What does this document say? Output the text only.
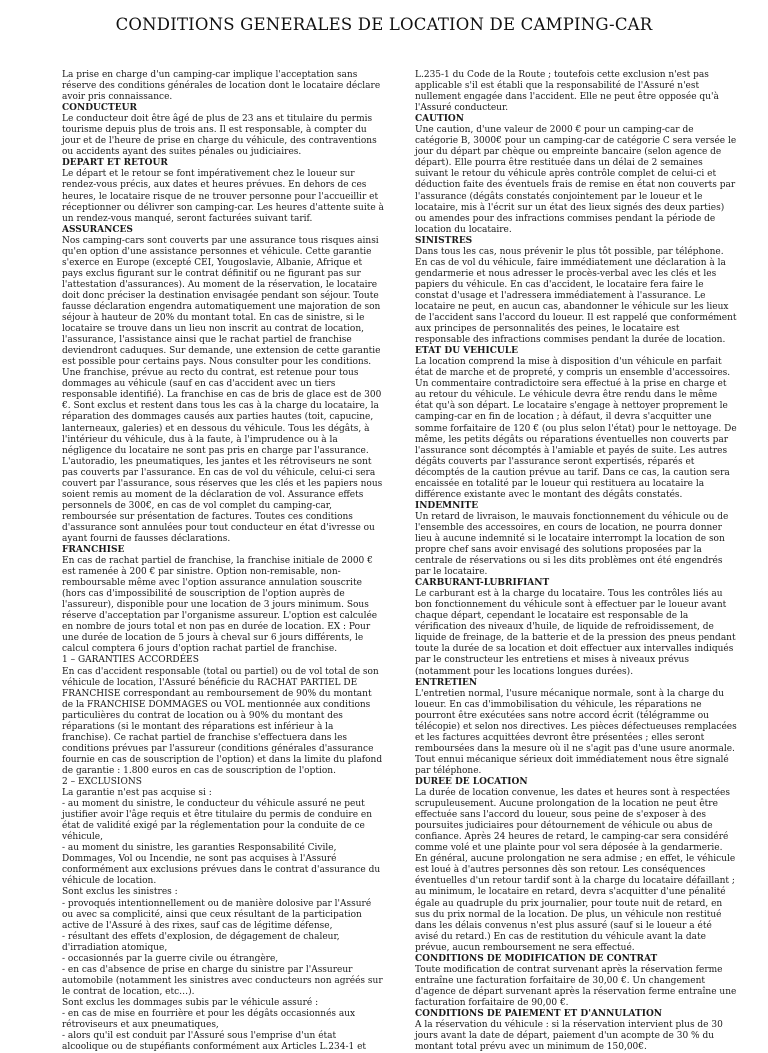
CONDITIONS GENERALES DE LOCATION DE CAMPING-CAR

La prise en charge d'un camping-car implique l'acceptation sans réserve des conditions générales de location dont le locataire déclare avoir pris connaissance.

CONDUCTEUR

Le conducteur doit être âgé de plus de 23 ans et titulaire du permis tourisme depuis plus de trois ans. Il est responsable, à compter du jour et de l'heure de prise en charge du véhicule, des contraventions ou accidents ayant des suites pénales ou judiciaires.

DEPART ET RETOUR

Le départ et le retour se font impérativement chez le loueur sur rendez-vous précis, aux dates et heures prévues. En dehors de ces heures, le locataire risque de ne trouver personne pour l'accueillir et réceptionner ou délivrer son camping-car. Les heures d'attente suite à un rendez-vous manqué, seront facturées suivant tarif.

ASSURANCES

Nos camping-cars sont couverts par une assurance tous risques ainsi qu'en option d'une assistance personnes et véhicule. Cette garantie s'exerce en Europe (excepté CEI, Yougoslavie, Albanie, Afrique et pays exclus figurant sur le contrat définitif ou ne figurant pas sur l'attestation d'assurances). Au moment de la réservation, le locataire doit donc préciser la destination envisagée pendant son séjour. Toute fausse déclaration engendra automatiquement une majoration de son séjour à hauteur de 20% du montant total. En cas de sinistre, si le locataire se trouve dans un lieu non inscrit au contrat de location, l'assurance, l'assistance ainsi que le rachat partiel de franchise deviendront caduques. Sur demande, une extension de cette garantie est possible pour certains pays. Nous consulter pour les conditions. Une franchise, prévue au recto du contrat, est retenue pour tous dommages au véhicule (sauf en cas d'accident avec un tiers responsable identifié). La franchise en cas de bris de glace est de 300 €. Sont exclus et restent dans tous les cas à la charge du locataire, la réparation des dommages causés aux parties hautes (toit, capucine, lanterneaux, galeries) et en dessous du véhicule. Tous les dégâts, à l'intérieur du véhicule, dus à la faute, à l'imprudence ou à la négligence du locataire ne sont pas pris en charge par l'assurance. L'autoradio, les pneumatiques, les jantes et les rétroviseurs ne sont pas couverts par l'assurance. En cas de vol du véhicule, celui-ci sera couvert par l'assurance, sous réserves que les clés et les papiers nous soient remis au moment de la déclaration de vol. Assurance effets personnels de 300€, en cas de vol complet du camping-car, remboursée sur présentation de factures. Toutes ces conditions d'assurance sont annulées pour tout conducteur en état d'ivresse ou ayant fourni de fausses déclarations.

FRANCHISE

En cas de rachat partiel de franchise, la franchise initiale de 2000 € est ramenée à 200 € par sinistre. Option non-remisable, non-remboursable même avec l'option assurance annulation souscrite (hors cas d'impossibilité de souscription de l'option auprès de l'assureur), disponible pour une location de 3 jours minimum. Sous réserve d'acceptation par l'organisme assureur. L'option est calculée en nombre de jours total et non pas en durée de location. EX : Pour une durée de location de 5 jours à cheval sur 6 jours différents, le calcul comptera 6 jours d'option rachat partiel de franchise.

1 – GARANTIES ACCORDÉES

En cas d'accident responsable (total ou partiel) ou de vol total de son véhicule de location, l'Assuré bénéficie du RACHAT PARTIEL DE FRANCHISE correspondant au remboursement de 90% du montant de la FRANCHISE DOMMAGES ou VOL mentionnée aux conditions particulières du contrat de location ou à 90% du montant des réparations (si le montant des réparations est inférieur à la franchise). Ce rachat partiel de franchise s'effectuera dans les conditions prévues par l'assureur (conditions générales d'assurance fournie en cas de souscription de l'option) et dans la limite du plafond de garantie : 1.800 euros en cas de souscription de l'option.

2 – EXCLUSIONS

La garantie n'est pas acquise si :

- au moment du sinistre, le conducteur du véhicule assuré ne peut justifier avoir l'âge requis et être titulaire du permis de conduire en état de validité exigé par la réglementation pour la conduite de ce véhicule,

- au moment du sinistre, les garanties Responsabilité Civile, Dommages, Vol ou Incendie, ne sont pas acquises à l'Assuré conformément aux exclusions prévues dans le contrat d'assurance du véhicule de location.

Sont exclus les sinistres :

- provoqués intentionnellement ou de manière dolosive par l'Assuré ou avec sa complicité, ainsi que ceux résultant de la participation active de l'Assuré à des rixes, sauf cas de légitime défense,

- résultant des effets d'explosion, de dégagement de chaleur, d'irradiation atomique,

- occasionnés par la guerre civile ou étrangère,

- en cas d'absence de prise en charge du sinistre par l'Assureur automobile (notamment les sinistres avec conducteurs non agréés sur le contrat de location, etc…).

Sont exclus les dommages subis par le véhicule assuré :

- en cas de mise en fourrière et pour les dégâts occasionnés aux rétroviseurs et aux pneumatiques,

- alors qu'il est conduit par l'Assuré sous l'emprise d'un état alcoolique ou de stupéfiants conformément aux Articles L.234-1 et

L.235-1 du Code de la Route ; toutefois cette exclusion n'est pas applicable s'il est établi que la responsabilité de l'Assuré n'est nullement engagée dans l'accident. Elle ne peut être opposée qu'à l'Assuré conducteur.

CAUTION

Une caution, d'une valeur de 2000 € pour un camping-car de catégorie B, 3000€ pour un camping-car de catégorie C sera versée le jour du départ par chèque ou empreinte bancaire (selon agence de départ). Elle pourra être restituée dans un délai de 2 semaines suivant le retour du véhicule après contrôle complet de celui-ci et déduction faite des éventuels frais de remise en état non couverts par l'assurance (dégâts constatés conjointement par le loueur et le locataire, mis à l'écrit sur un état des lieux signés des deux parties) ou amendes pour des infractions commises pendant la période de location du locataire.

SINISTRES

Dans tous les cas, nous prévenir le plus tôt possible, par téléphone. En cas de vol du véhicule, faire immédiatement une déclaration à la gendarmerie et nous adresser le procès-verbal avec les clés et les papiers du véhicule. En cas d'accident, le locataire fera faire le constat d'usage et l'adressera immédiatement à l'assurance. Le locataire ne peut, en aucun cas, abandonner le véhicule sur les lieux de l'accident sans l'accord du loueur. Il est rappelé que conformément aux principes de personnalités des peines, le locataire est responsable des infractions commises pendant la durée de location.

ETAT DU VEHICULE

La location comprend la mise à disposition d'un véhicule en parfait état de marche et de propreté, y compris un ensemble d'accessoires. Un commentaire contradictoire sera effectué à la prise en charge et au retour du véhicule. Le véhicule devra être rendu dans le même état qu'à son départ. Le locataire s'engage à nettoyer proprement le camping-car en fin de location ; à défaut, il devra s'acquitter une somme forfaitaire de 120 € (ou plus selon l'état) pour le nettoyage. De même, les petits dégâts ou réparations éventuelles non couverts par l'assurance sont décomptés à l'amiable et payés de suite. Les autres dégâts couverts par l'assurance seront expertisés, réparés et décomptés de la caution prévue au tarif. Dans ce cas, la caution sera encaissée en totalité par le loueur qui restituera au locataire la différence existante avec le montant des dégâts constatés.

INDEMNITE

Un retard de livraison, le mauvais fonctionnement du véhicule ou de l'ensemble des accessoires, en cours de location, ne pourra donner lieu à aucune indemnité si le locataire interrompt la location de son propre chef sans avoir envisagé des solutions proposées par la centrale de réservations ou si les dits problèmes ont été engendrés par le locataire.

CARBURANT-LUBRIFIANT

Le carburant est à la charge du locataire. Tous les contrôles liés au bon fonctionnement du véhicule sont à effectuer par le loueur avant chaque départ, cependant le locataire est responsable de la vérification des niveaux d'huile, de liquide de refroidissement, de liquide de freinage, de la batterie et de la pression des pneus pendant toute la durée de sa location et doit effectuer aux intervalles indiqués par le constructeur les entretiens et mises à niveaux prévus (notamment pour les locations longues durées).

ENTRETIEN

L'entretien normal, l'usure mécanique normale, sont à la charge du loueur. En cas d'immobilisation du véhicule, les réparations ne pourront être exécutées sans notre accord écrit (télégramme ou télécopie) et selon nos directives. Les pièces défectueuses remplacées et les factures acquittées devront être présentées ; elles seront remboursées dans la mesure où il ne s'agit pas d'une usure anormale. Tout ennui mécanique sérieux doit immédiatement nous être signalé par téléphone.

DUREE DE LOCATION

La durée de location convenue, les dates et heures sont à respectées scrupuleusement. Aucune prolongation de la location ne peut être effectuée sans l'accord du loueur, sous peine de s'exposer à des poursuites judiciaires pour détournement de véhicule ou abus de confiance. Après 24 heures de retard, le camping-car sera considéré comme volé et une plainte pour vol sera déposée à la gendarmerie. En général, aucune prolongation ne sera admise ; en effet, le véhicule est loué à d'autres personnes dès son retour. Les conséquences éventuelles d'un retour tardif sont à la charge du locataire défaillant ; au minimum, le locataire en retard, devra s'acquitter d'une pénalité égale au quadruple du prix journalier, pour toute nuit de retard, en sus du prix normal de la location. De plus, un véhicule non restitué dans les délais convenus n'est plus assuré (sauf si le loueur a été avisé du retard.) En cas de restitution du véhicule avant la date prévue, aucun remboursement ne sera effectué.

CONDITIONS DE MODIFICATION DE CONTRAT

Toute modification de contrat survenant après la réservation ferme entraîne une facturation forfaitaire de 30,00 €. Un changement d'agence de départ survenant après la réservation ferme entraîne une facturation forfaitaire de 90,00 €.

CONDITIONS DE PAIEMENT ET D'ANNULATION

A la réservation du véhicule : si la réservation intervient plus de 30 jours avant la date de départ, paiement d'un acompte de 30 % du montant total prévu avec un minimum de 150,00€.
